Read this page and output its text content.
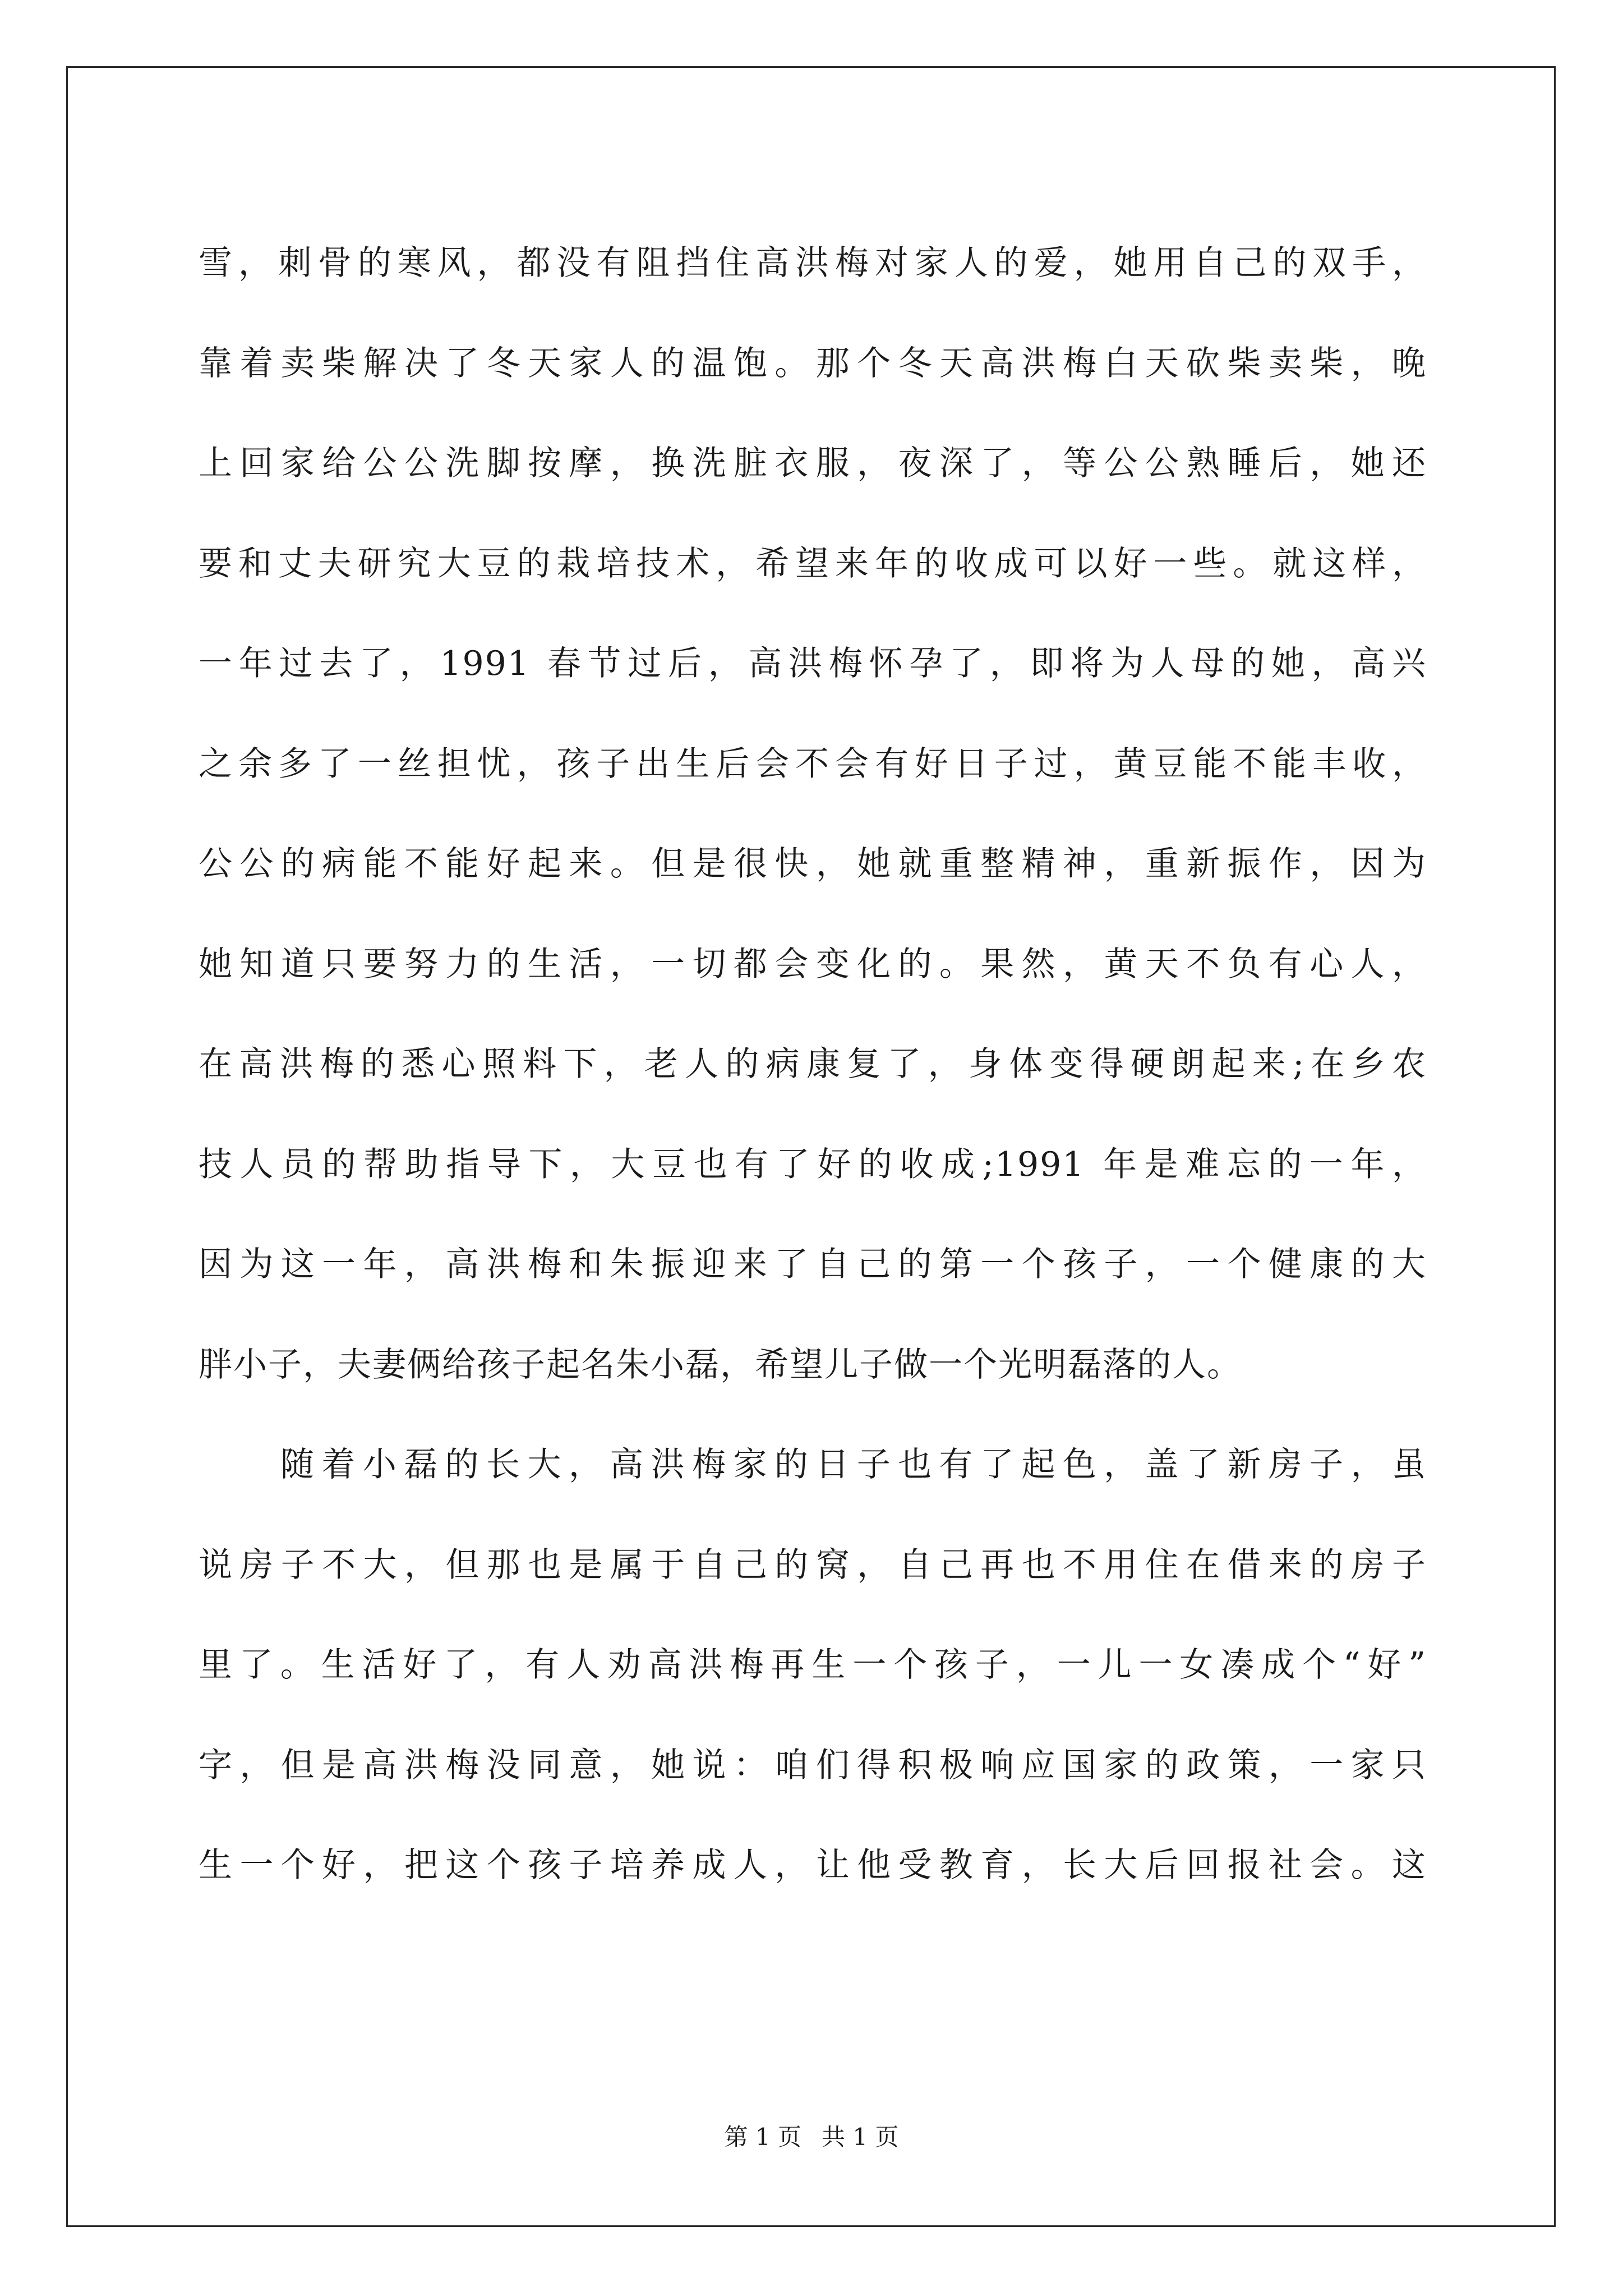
雪，刺骨的寒风，都没有阻挡住高洪梅对家人的爱，她用自己的双手，
靠着卖柴解决了冬天家人的温饱。那个冬天高洪梅白天砍柴卖柴，晚
上回家给公公洗脚按摩，换洗脏衣服，夜深了，等公公熟睡后，她还
要和丈夫研究大豆的栽培技术，希望来年的收成可以好一些。就这样，
一年过去了，1991 春节过后，高洪梅怀孕了，即将为人母的她，高兴
之余多了一丝担忧，孩子出生后会不会有好日子过，黄豆能不能丰收，
公公的病能不能好起来。但是很快，她就重整精神，重新振作，因为
她知道只要努力的生活，一切都会变化的。果然，黄天不负有心人，
在高洪梅的悉心照料下，老人的病康复了，身体变得硬朗起来;在乡农
技人员的帮助指导下，大豆也有了好的收成;1991 年是难忘的一年，
因为这一年，高洪梅和朱振迎来了自己的第一个孩子，一个健康的大
胖小子，夫妻俩给孩子起名朱小磊，希望儿子做一个光明磊落的人。
随着小磊的长大，高洪梅家的日子也有了起色，盖了新房子，虽
说房子不大，但那也是属于自己的窝，自己再也不用住在借来的房子
里了。生活好了，有人劝高洪梅再生一个孩子，一儿一女凑成个“好”
字，但是高洪梅没同意，她说：咱们得积极响应国家的政策，一家只
生一个好，把这个孩子培养成人，让他受教育，长大后回报社会。这
第 1 页 共 1 页
